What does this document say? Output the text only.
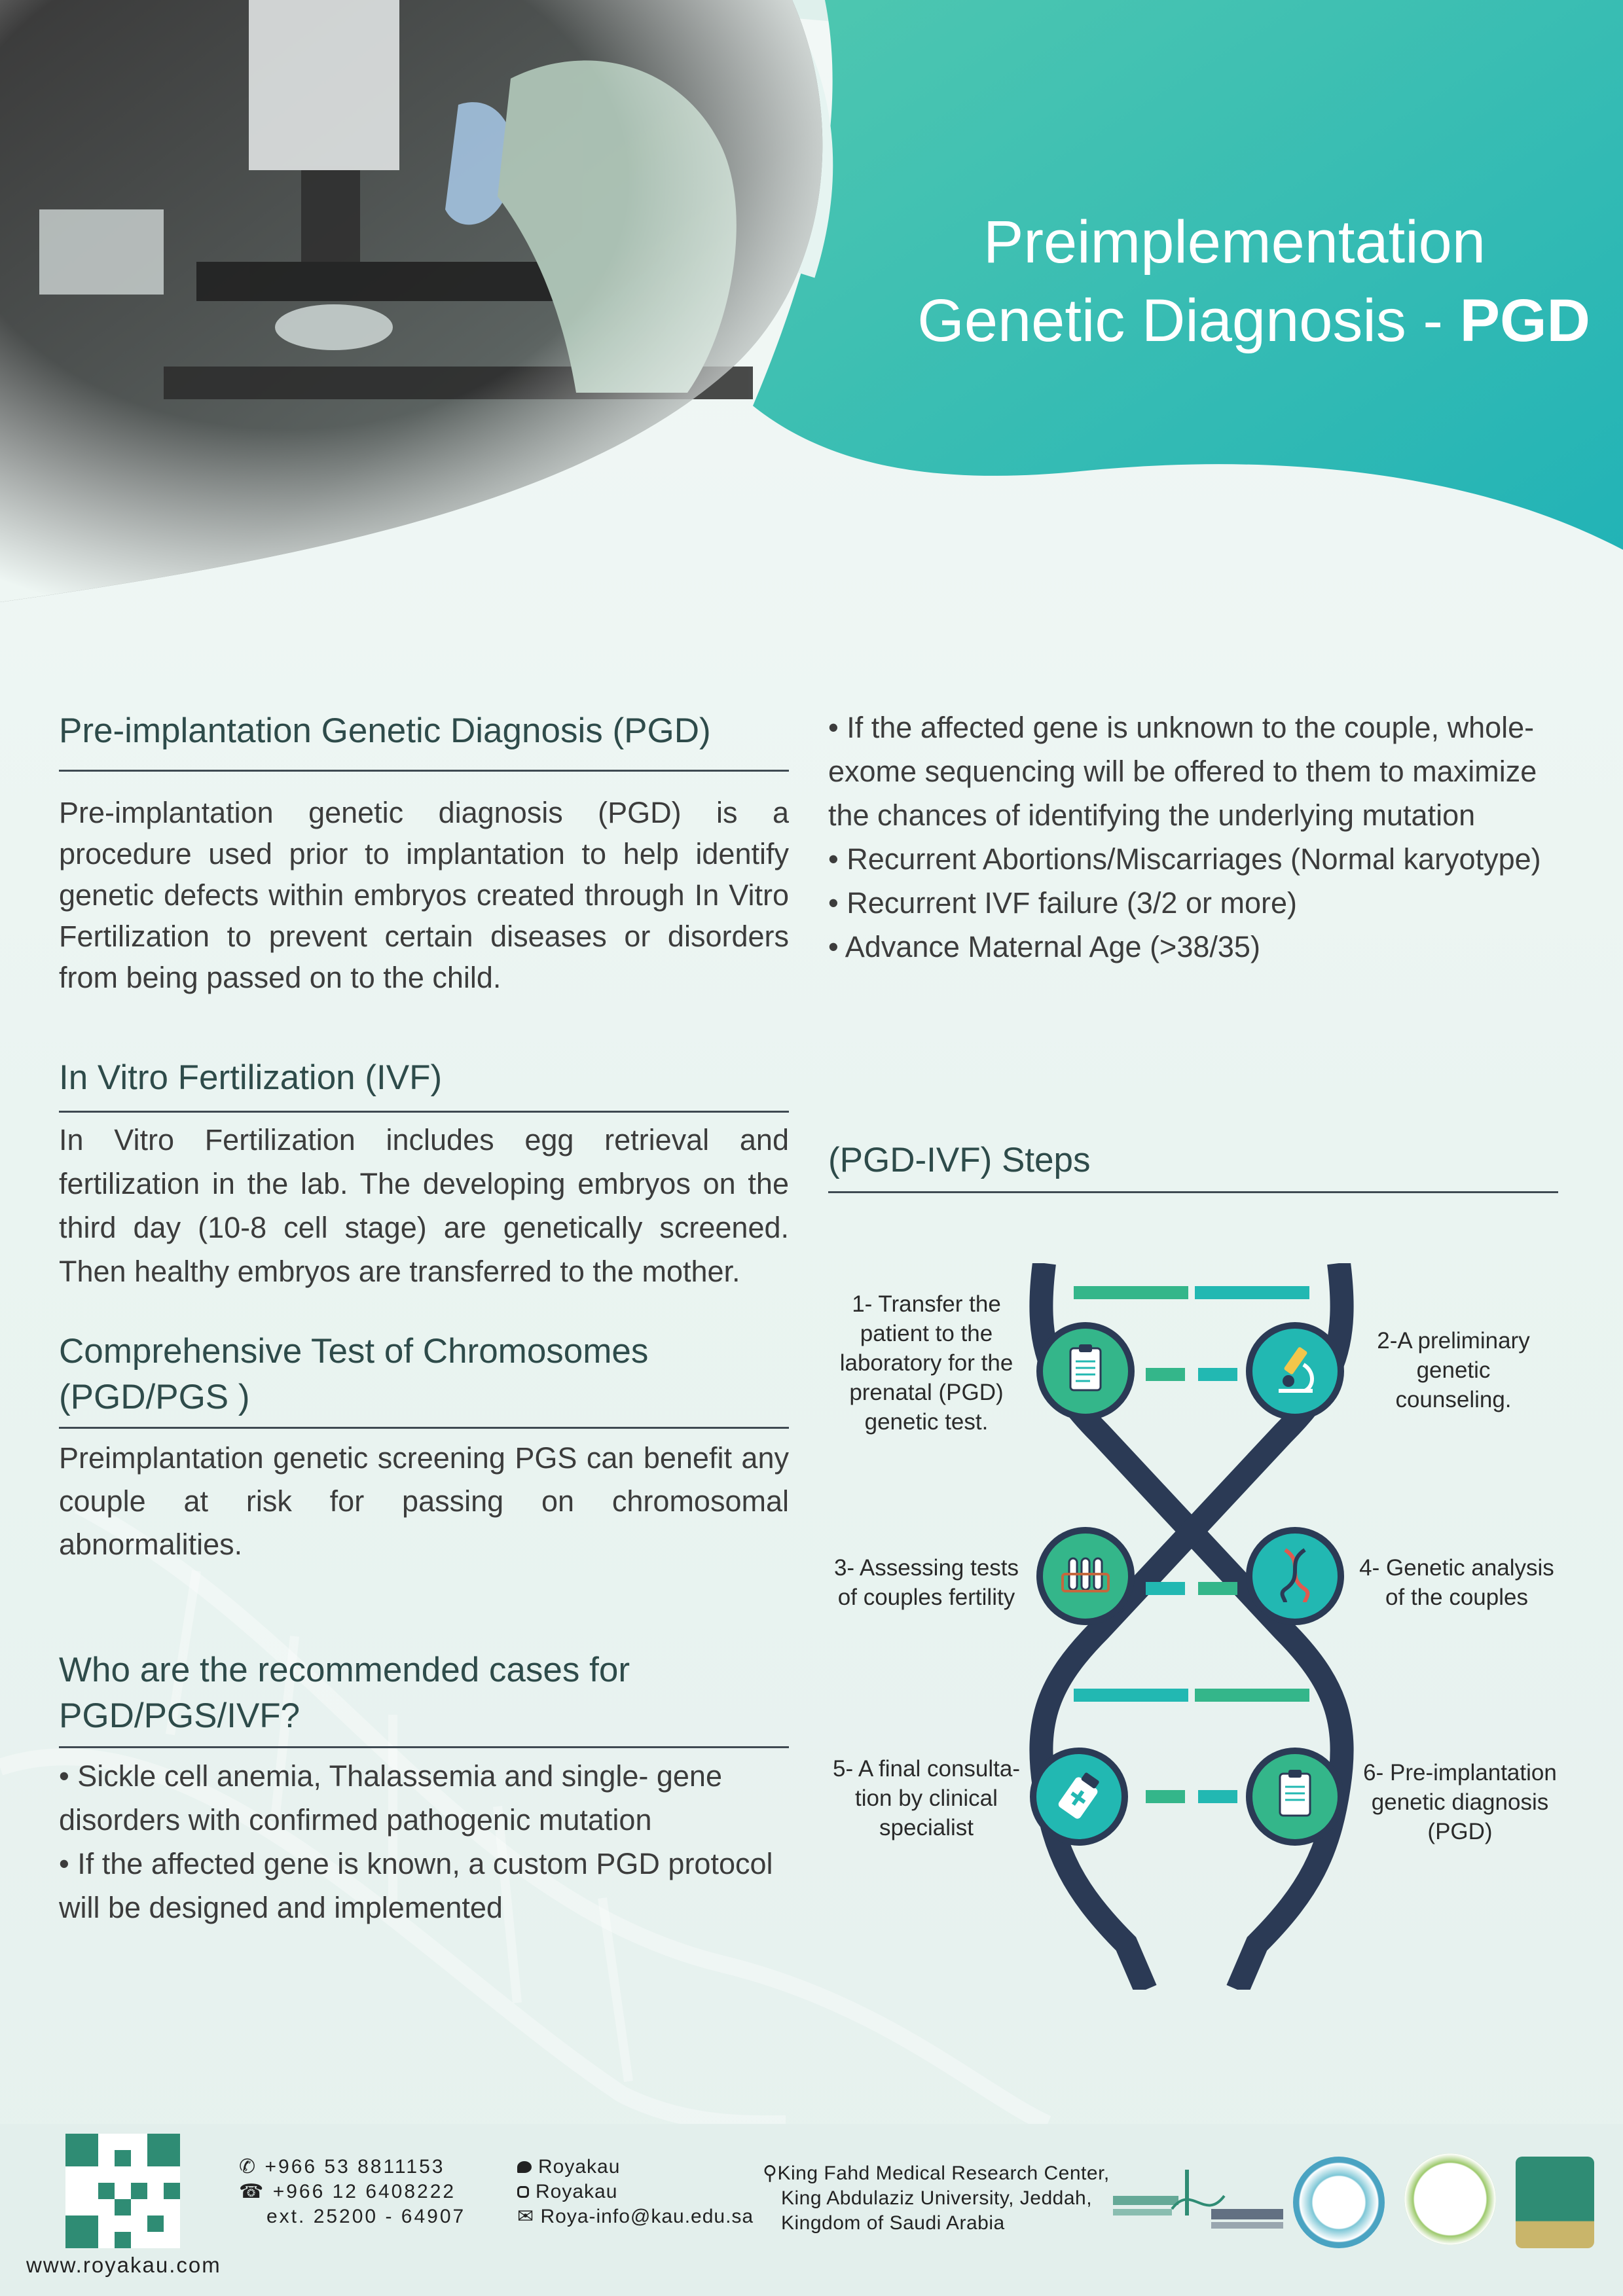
Preimplementation
Genetic Diagnosis - PGD
Pre-implantation Genetic Diagnosis (PGD)

Pre-implantation genetic diagnosis (PGD) is a procedure used prior to implantation to help identify genetic defects within embryos created through In Vitro Fertilization to prevent certain diseases or disorders from being passed on to the child.

In Vitro Fertilization (IVF)

In Vitro Fertilization includes egg retrieval and fertilization in the lab. The developing embryos on the third day (10-8 cell stage) are genetically screened. Then healthy embryos are transferred to the mother.

Comprehensive Test of Chromosomes
(PGD/PGS )

Preimplantation genetic screening PGS can benefit any couple at risk for passing on chromosomal abnormalities.

Who are the recommended cases for
PGD/PGS/IVF?
• Sickle cell anemia, Thalassemia and single- gene disorders with confirmed pathogenic mutation
• If the affected gene is known, a custom PGD protocol will be designed and implemented
• If the affected gene is unknown to the couple, whole-exome sequencing will be offered to them to maximize the chances of identifying the underlying mutation
• Recurrent Abortions/Miscarriages (Normal karyotype)
• Recurrent IVF failure (3/2 or more)
• Advance Maternal Age (>38/35)
(PGD-IVF) Steps
1- Transfer the
patient to the
laboratory for the
prenatal (PGD)
genetic test.
2-A preliminary
genetic
counseling.
3- Assessing tests
of couples fertility
4- Genetic analysis
of the couples
5- A final consulta-
tion by clinical
specialist
6- Pre-implantation
genetic diagnosis
(PGD)
www.royakau.com
✆ +966 53 8811153
☎ +966 12 6408222
ext. 25200 - 64907
Royakau
Royakau
✉ Roya-info@kau.edu.sa
⚲King Fahd Medical Research Center,
King Abdulaziz University, Jeddah,
Kingdom of Saudi Arabia
